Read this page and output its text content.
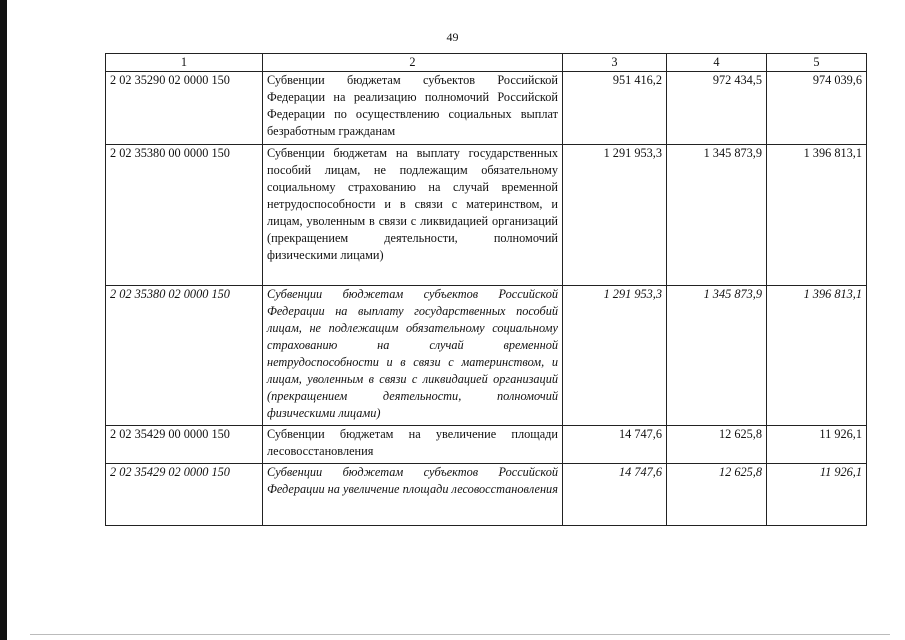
49
1	2	3	4	5
2 02 35290 02 0000 150	Субвенции бюджетам субъектов Российской Федерации на реализацию полномочий Российской Федерации по осуществлению социальных выплат безработным гражданам	951 416,2	972 434,5	974 039,6
2 02 35380 00 0000 150	Субвенции бюджетам на выплату государственных пособий лицам, не подлежащим обязательному социальному страхованию на случай временной нетрудоспособности и в связи с материнством, и лицам, уволенным в связи с ликвидацией организаций (прекращением деятельности, полномочий физическими лицами)	1 291 953,3	1 345 873,9	1 396 813,1
2 02 35380 02 0000 150	Субвенции бюджетам субъектов Российской Федерации на выплату государственных пособий лицам, не подлежащим обязательному социальному страхованию на случай временной нетрудоспособности и в связи с материнством, и лицам, уволенным в связи с ликвидацией организаций (прекращением деятельности, полномочий физическими лицами)	1 291 953,3	1 345 873,9	1 396 813,1
2 02 35429 00 0000 150	Субвенции бюджетам на увеличение площади лесовосстановления	14 747,6	12 625,8	11 926,1
2 02 35429 02 0000 150	Субвенции бюджетам субъектов Российской Федерации на увеличение площади лесовосстановления	14 747,6	12 625,8	11 926,1
